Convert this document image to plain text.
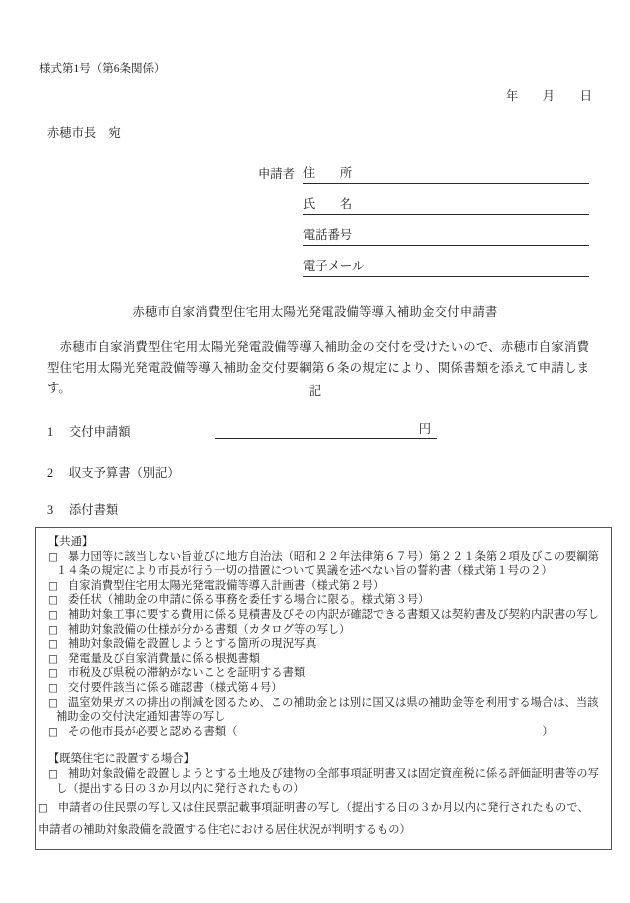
様式第1号（第6条関係）
年　　月　　日
赤穂市長　宛
申請者 住　　所
氏　　名
電話番号
電子メール
赤穂市自家消費型住宅用太陽光発電設備等導入補助金交付申請書
　赤穂市自家消費型住宅用太陽光発電設備等導入補助金の交付を受けたいので、赤穂市自家消費型住宅用太陽光発電設備等導入補助金交付要綱第６条の規定により、関係書類を添えて申請します。	記
1 交付申請額	円
2 収支予算書（別記）
3 添付書類
【共通】
□ 暴力団等に該当しない旨並びに地方自治法（昭和２２年法律第６７号）第２２１条第２項及びこの要綱第１４条の規定により市長が行う一切の措置について異議を述べない旨の誓約書（様式第１号の２）
□ 自家消費型住宅用太陽光発電設備等導入計画書（様式第２号）
□ 委任状（補助金の申請に係る事務を委任する場合に限る。様式第３号）
□ 補助対象工事に要する費用に係る見積書及びその内訳が確認できる書類又は契約書及び契約内訳書の写し
□ 補助対象設備の仕様が分かる書類（カタログ等の写し）
□ 補助対象設備を設置しようとする箇所の現況写真
□ 発電量及び自家消費量に係る根拠書類
□ 市税及び県税の滞納がないことを証明する書類
□ 交付要件該当に係る確認書（様式第４号）
□ 温室効果ガスの排出の削減を図るため、この補助金とは別に国又は県の補助金等を利用する場合は、当該補助金の交付決定通知書等の写し
□ その他市長が必要と認める書類（　　　　　　　　　　　　　　　　　　　　　　　　　　　）
【既築住宅に設置する場合】
□ 補助対象設備を設置しようとする土地及び建物の全部事項証明書又は固定資産税に係る評価証明書等の写し（提出する日の３か月以内に発行されたもの）
□ 申請者の住民票の写し又は住民票記載事項証明書の写し（提出する日の３か月以内に発行されたもので、申請者の補助対象設備を設置する住宅における居住状況が判明するもの）
